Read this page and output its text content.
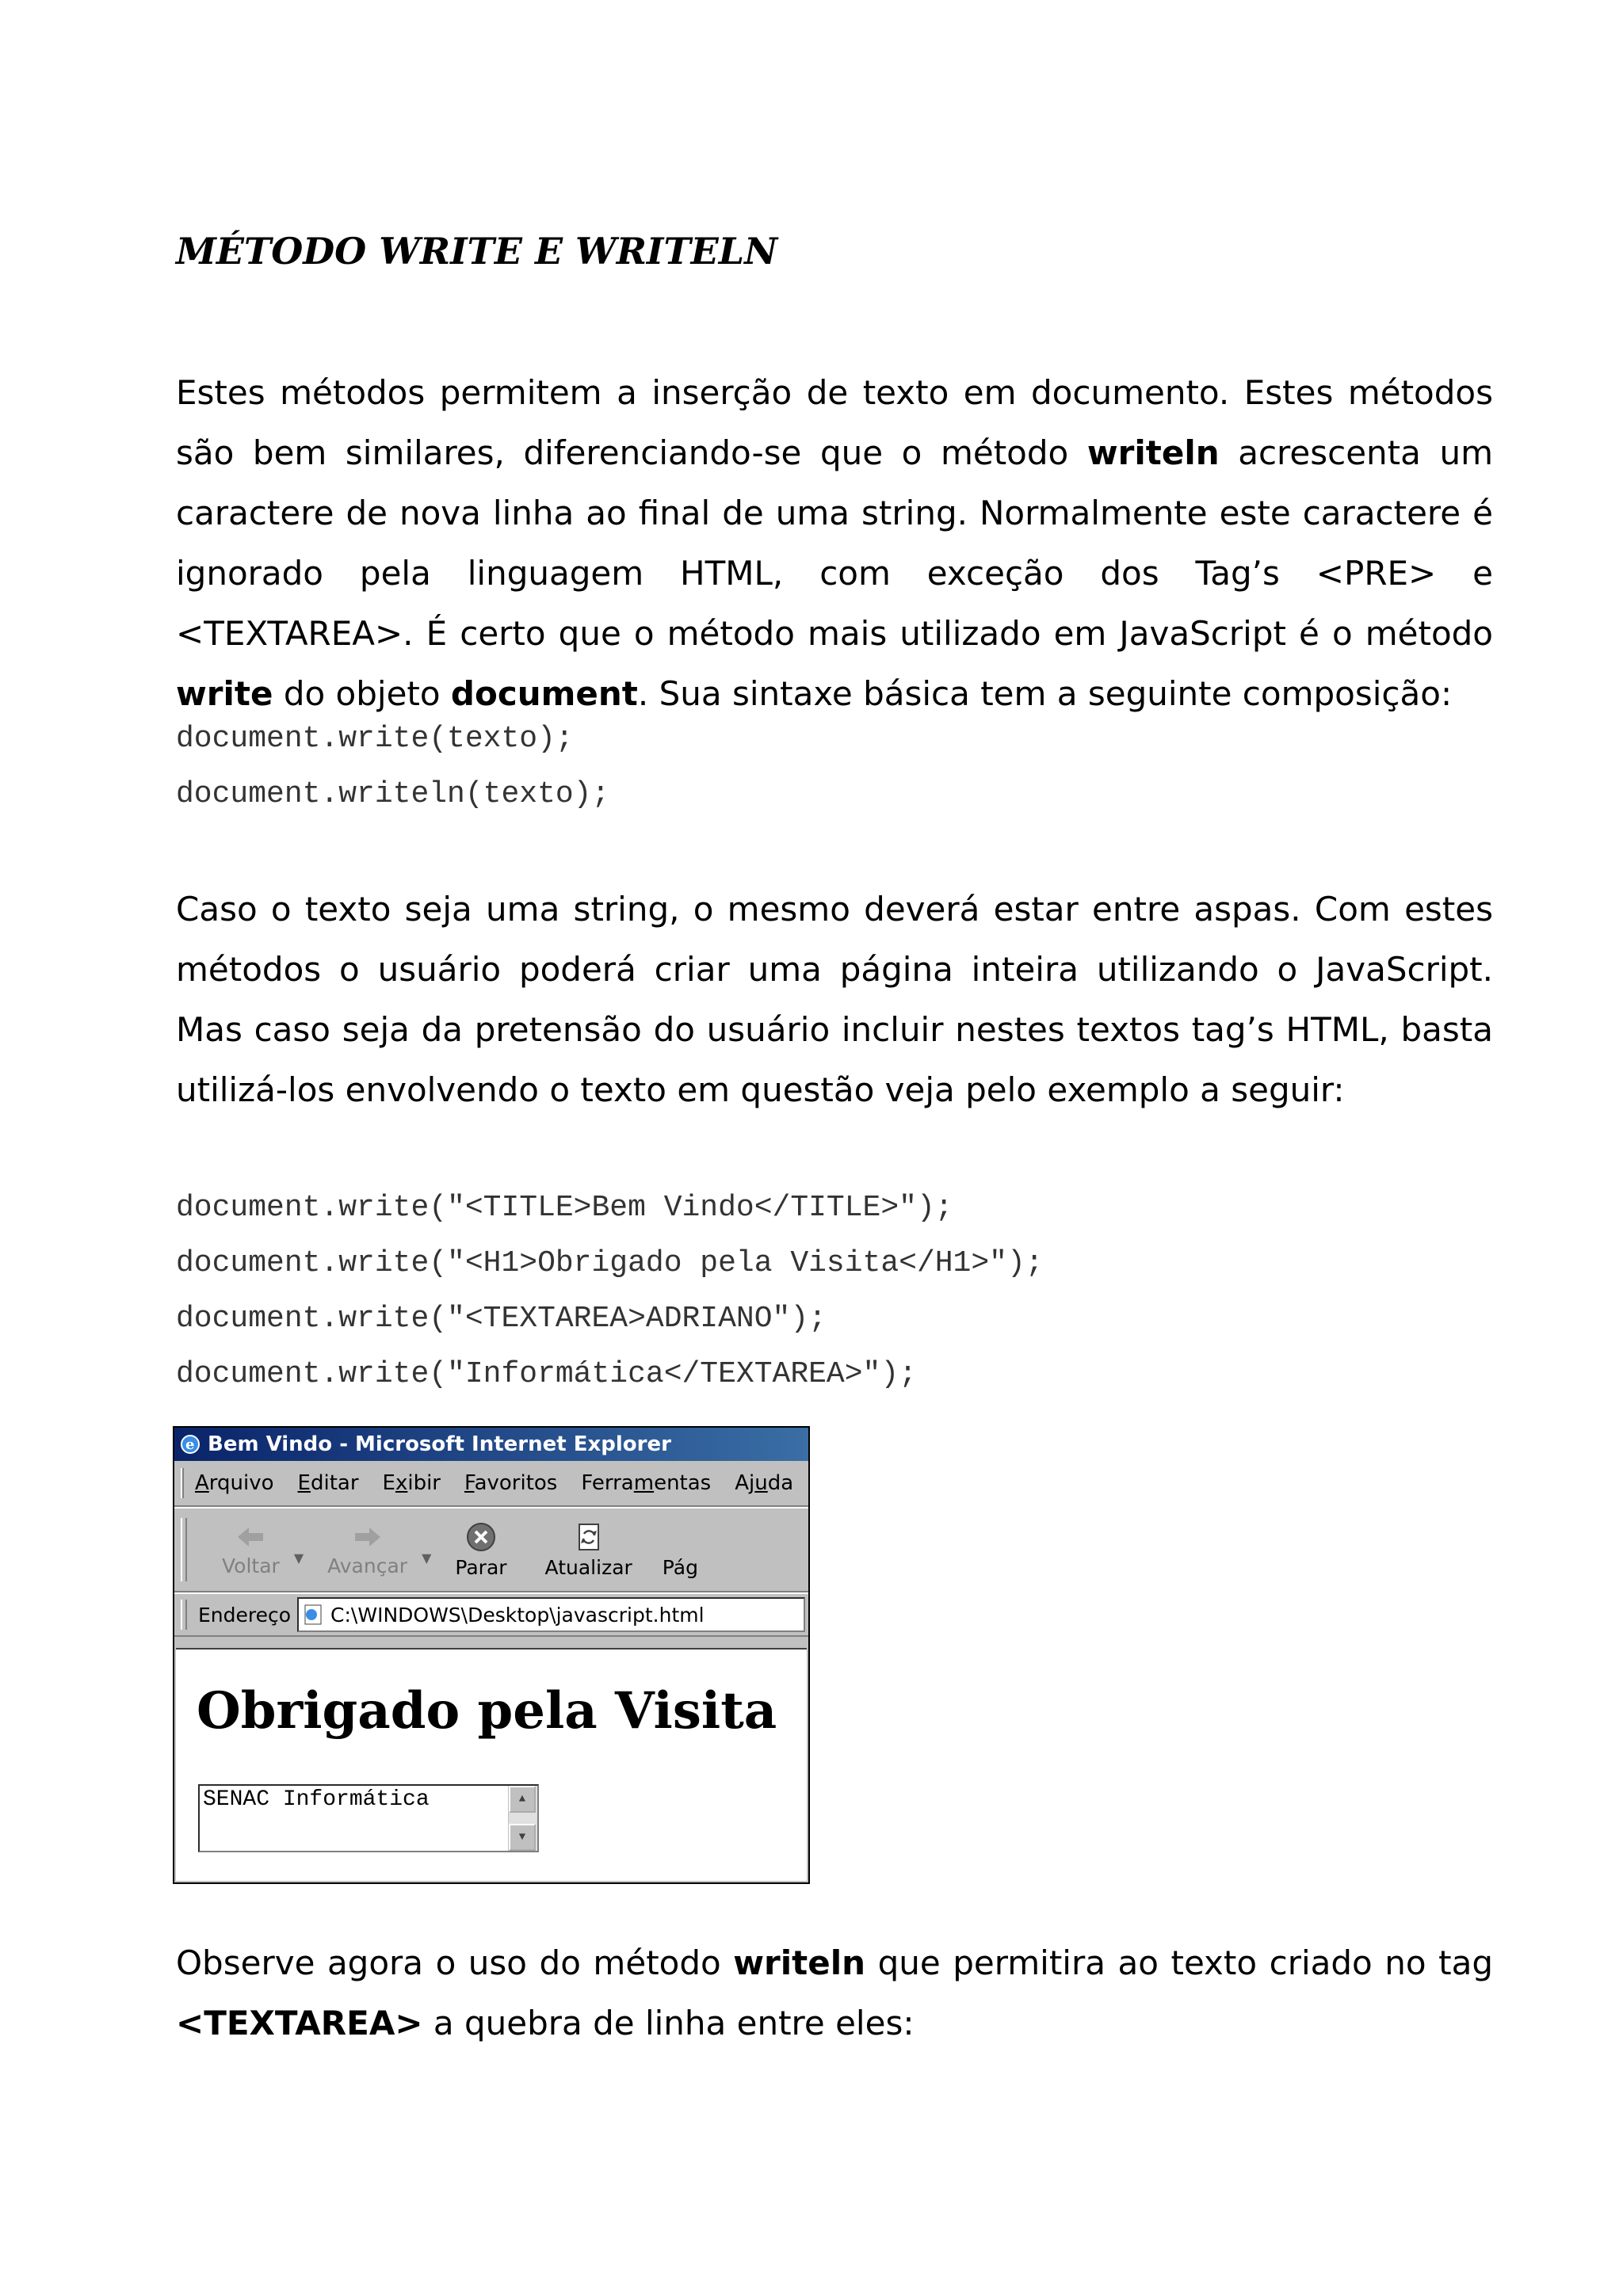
MÉTODO WRITE E WRITELN

Estes métodos permitem a inserção de texto em documento. Estes métodos são bem similares, diferenciando-se que o método writeln acrescenta um caractere de nova linha ao final de uma string. Normalmente este caractere é ignorado pela linguagem HTML, com exceção dos Tag’s <PRE> e <TEXTAREA>. É certo que o método mais utilizado em JavaScript é o método write do objeto document. Sua sintaxe básica tem a seguinte composição:

document.write(texto);
document.writeln(texto);

Caso o texto seja uma string, o mesmo deverá estar entre aspas. Com estes métodos o usuário poderá criar uma página inteira utilizando o JavaScript. Mas caso seja da pretensão do usuário incluir nestes textos tag’s HTML, basta utilizá-los envolvendo o texto em questão veja pelo exemplo a seguir:

document.write("<TITLE>Bem Vindo</TITLE>");
document.write("<H1>Obrigado pela Visita</H1>");
document.write("<TEXTAREA>ADRIANO");
document.write("Informática</TEXTAREA>");

Observe agora o uso do método writeln que permitira ao texto criado no tag <TEXTAREA> a quebra de linha entre eles:

e Bem Vindo - Microsoft Internet Explorer
Arquivo Editar Exibir Favoritos Ferramentas Ajuda
Voltar ▼ Avançar ▼ Parar Atualizar Pág
Endereço C:\WINDOWS\Desktop\javascript.html
Obrigado pela Visita
SENAC Informática	▲
▼
